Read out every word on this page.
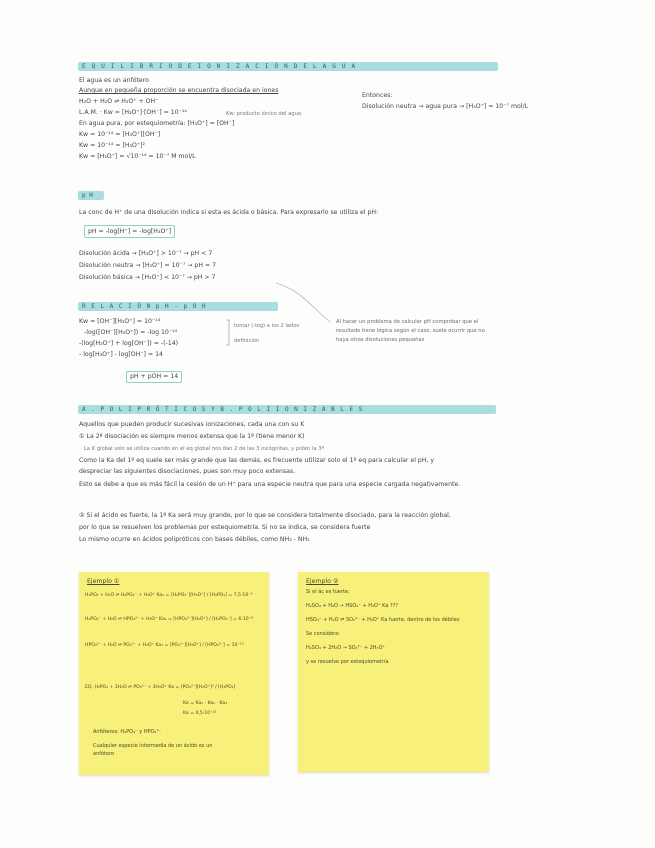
E Q U I L I B R I O D E I O N I Z A C I Ó N D E L A G U A
El agua es un anfótero
Aunque en pequeña proporción se encuentra disociada en iones
H₂O + H₂O ⇌ H₃O⁺ + OH⁻
L.A.M. · Kw = [H₃O⁺]·[OH⁻] = 10⁻¹⁴	Kw: producto iónico del agua
En agua pura, por estequiometría: [H₃O⁺] = [OH⁻]
Kw = 10⁻¹⁴ = [H₃O⁺][OH⁻]
Kw = 10⁻¹⁴ = [H₃O⁺]²
Kw = [H₃O⁺] = √10⁻¹⁴ = 10⁻⁷ M mol/L
Entonces:
Disolución neutra → agua pura → [H₃O⁺] = 10⁻⁷ mol/L
p H
La conc de H⁺ de una disolución indica si esta es ácida o básica. Para expresarlo se utiliza el pH:
pH = -log[H⁺] = -log[H₃O⁺]
Disolución ácida → [H₃O⁺] > 10⁻⁷ → pH < 7
Disolución neutra → [H₃O⁺] = 10⁻⁷ → pH = 7
Disolución básica → [H₃O⁺] < 10⁻⁷ → pH > 7
R E L A C I Ó N p H - p O H
Kw = [OH⁻][H₃O⁺] = 10⁻¹⁴
-log([OH⁻][H₃O⁺]) = -log 10⁻¹⁴
-(log[H₃O⁺] + log[OH⁻]) = -(-14)
- log[H₃O⁺] - log[OH⁻] = 14
tomar (-log) a los 2 lados
definición
pH + pOH = 14
Al hacer un problema de calcular pH comprobar que el resultado tiene lógica según el caso, suele ocurrir que no haya otras disoluciones pequeñas
A . P O L I P R Ó T I C O S Y B . P O L I I O N I Z A B L E S
Aquellos que pueden producir sucesivas ionizaciones, cada una con su K
① La 2ª disociación es siempre menos extensa que la 1ª (tiene menor K)
La K global solo se utiliza cuando en el eq global nos dan 2 de las 3 incógnitas, y piden la 3ª
Como la Ka del 1º eq suele ser más grande que las demás, es frecuente utilizar solo el 1º eq para calcular el pH, y
despreciar las siguientes disociaciones, pues son muy poco extensas.
Esto se debe a que es más fácil la cesión de un H⁺ para una especie neutra que para una especie cargada negativamente.
② Si el ácido es fuerte, la 1ª Ka será muy grande, por lo que se considera totalmente disociado, para la reacción global,
por lo que se resuelven los problemas por estequiometría. Si no se indica, se considera fuerte
Lo mismo ocurre en ácidos polipróticos con bases débiles, como NH₃ - NH₂
Ejemplo ①
H₃PO₄ + H₂O ⇌ H₂PO₄⁻ + H₃O⁺ Ka₁ = [H₂PO₄⁻][H₃O⁺] / [H₃PO₄] = 7,5·10⁻³
H₂PO₄⁻ + H₂O ⇌ HPO₄²⁻ + H₃O⁺ Ka₂ = [HPO₄²⁻][H₃O⁺] / [H₂PO₄⁻] = 6·10⁻⁸
HPO₄²⁻ + H₂O ⇌ PO₄³⁻ + H₃O⁺ Ka₃ = [PO₄³⁻][H₃O⁺] / [HPO₄²⁻] = 10⁻¹³
EQ. H₃PO₄ + 3H₂O ⇌ PO₄³⁻ + 3H₃O⁺ Ka = [PO₄³⁻][H₃O⁺]³ / [H₃PO₄]
Ka = Ka₁ · Ka₂ · Ka₃
Ka = 4,5·10⁻²²
Anfóteros: H₂PO₄⁻ y HPO₄²⁻
Cualquier especie intermedia de un ácido es un anfótero
Ejemplo ②
Si el ác es fuerte:
H₂SO₄ + H₂O → HSO₄⁻ + H₃O⁺ Ka ???
HSO₄⁻ + H₂O ⇌ SO₄²⁻ + H₃O⁺ Ka fuerte, dentro de los débiles
Se considera:
H₂SO₄ + 2H₂O → SO₄²⁻ + 2H₃O⁺
y se resuelve por estequiometría
